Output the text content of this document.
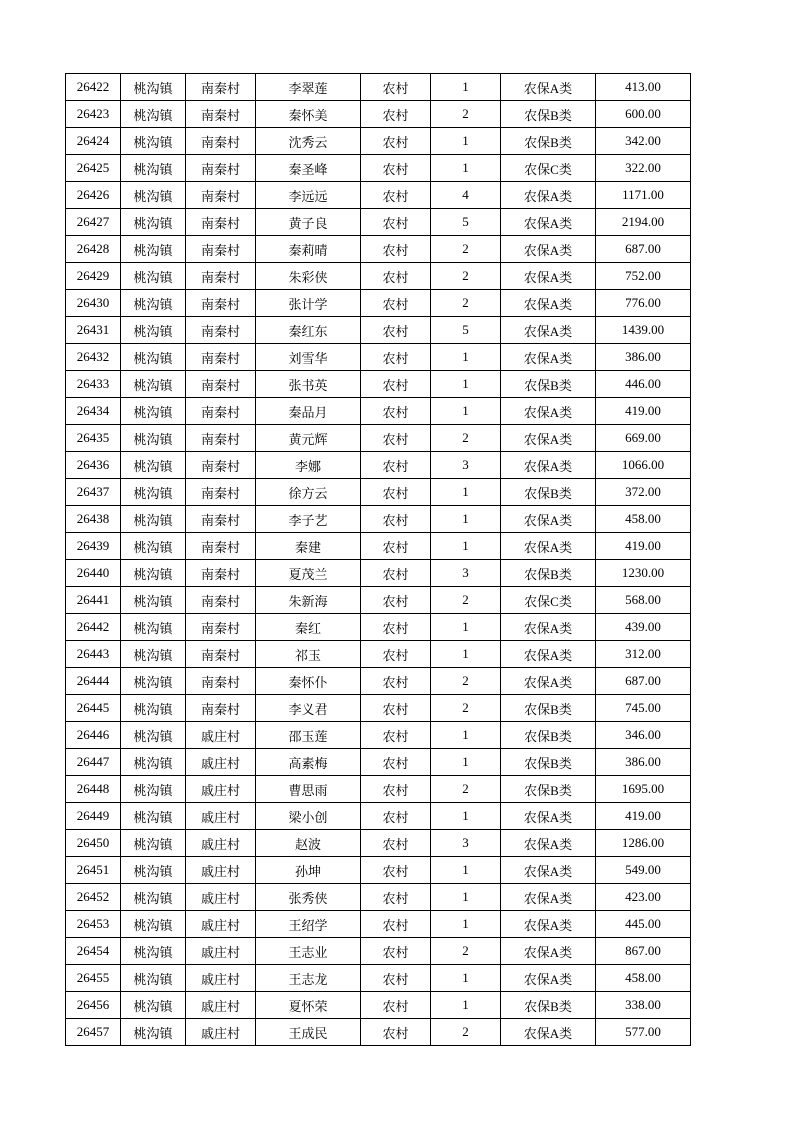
26422	桃沟镇	南秦村	李翠莲	农村	1	农保A类	413.00
26423	桃沟镇	南秦村	秦怀美	农村	2	农保B类	600.00
26424	桃沟镇	南秦村	沈秀云	农村	1	农保B类	342.00
26425	桃沟镇	南秦村	秦圣峰	农村	1	农保C类	322.00
26426	桃沟镇	南秦村	李远远	农村	4	农保A类	1171.00
26427	桃沟镇	南秦村	黄子良	农村	5	农保A类	2194.00
26428	桃沟镇	南秦村	秦莉晴	农村	2	农保A类	687.00
26429	桃沟镇	南秦村	朱彩侠	农村	2	农保A类	752.00
26430	桃沟镇	南秦村	张计学	农村	2	农保A类	776.00
26431	桃沟镇	南秦村	秦红东	农村	5	农保A类	1439.00
26432	桃沟镇	南秦村	刘雪华	农村	1	农保A类	386.00
26433	桃沟镇	南秦村	张书英	农村	1	农保B类	446.00
26434	桃沟镇	南秦村	秦品月	农村	1	农保A类	419.00
26435	桃沟镇	南秦村	黄元辉	农村	2	农保A类	669.00
26436	桃沟镇	南秦村	李娜	农村	3	农保A类	1066.00
26437	桃沟镇	南秦村	徐方云	农村	1	农保B类	372.00
26438	桃沟镇	南秦村	李子艺	农村	1	农保A类	458.00
26439	桃沟镇	南秦村	秦建	农村	1	农保A类	419.00
26440	桃沟镇	南秦村	夏茂兰	农村	3	农保B类	1230.00
26441	桃沟镇	南秦村	朱新海	农村	2	农保C类	568.00
26442	桃沟镇	南秦村	秦红	农村	1	农保A类	439.00
26443	桃沟镇	南秦村	祁玉	农村	1	农保A类	312.00
26444	桃沟镇	南秦村	秦怀仆	农村	2	农保A类	687.00
26445	桃沟镇	南秦村	李义君	农村	2	农保B类	745.00
26446	桃沟镇	戚庄村	邵玉莲	农村	1	农保B类	346.00
26447	桃沟镇	戚庄村	高素梅	农村	1	农保B类	386.00
26448	桃沟镇	戚庄村	曹思雨	农村	2	农保B类	1695.00
26449	桃沟镇	戚庄村	梁小创	农村	1	农保A类	419.00
26450	桃沟镇	戚庄村	赵波	农村	3	农保A类	1286.00
26451	桃沟镇	戚庄村	孙坤	农村	1	农保A类	549.00
26452	桃沟镇	戚庄村	张秀侠	农村	1	农保A类	423.00
26453	桃沟镇	戚庄村	王绍学	农村	1	农保A类	445.00
26454	桃沟镇	戚庄村	王志业	农村	2	农保A类	867.00
26455	桃沟镇	戚庄村	王志龙	农村	1	农保A类	458.00
26456	桃沟镇	戚庄村	夏怀荣	农村	1	农保B类	338.00
26457	桃沟镇	戚庄村	王成民	农村	2	农保A类	577.00
